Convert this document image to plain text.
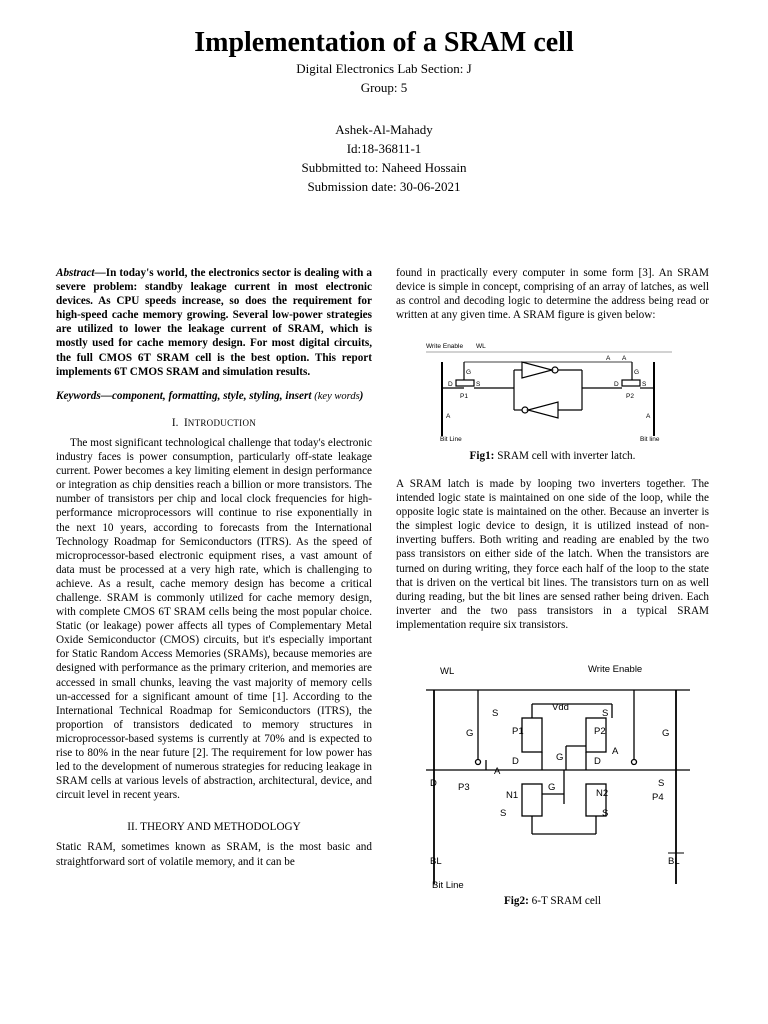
Implementation of a SRAM cell
Digital Electronics Lab Section: J
Group: 5
Ashek-Al-Mahady
Id:18-36811-1
Subbmitted to: Naheed Hossain
Submission date: 30-06-2021

Abstract—In today's world, the electronics sector is dealing with a severe problem: standby leakage current in most electronic devices. As CPU speeds increase, so does the requirement for high-speed cache memory growing. Several low-power strategies are utilized to lower the leakage current of SRAM, which is mostly used for cache memory design. For most digital circuits, the full CMOS 6T SRAM cell is the best option. This report implements 6T CMOS SRAM and simulation results.

Keywords—component, formatting, style, styling, insert (key words)

I. INTRODUCTION

The most significant technological challenge that today's electronic industry faces is power consumption, particularly off-state leakage current. Power becomes a key limiting element in design performance or integration as chip densities reach a billion or more transistors. The number of transistors per chip and local clock frequencies for high-performance microprocessors will continue to rise exponentially in the next 10 years, according to forecasts from the International Technology Roadmap for Semiconductors (ITRS). As the speed of microprocessor-based electronic equipment rises, a vast amount of data must be processed at a very high rate, which is challenging to achieve. As a result, cache memory design has become a critical challenge. SRAM is commonly utilized for cache memory design, with complete CMOS 6T SRAM cells being the most popular choice. Static (or leakage) power affects all types of Complementary Metal Oxide Semiconductor (CMOS) circuits, but it's especially important for Static Random Access Memories (SRAMs), because memories are designed with performance as the primary criterion, and memories are accessed in small chunks, leaving the vast majority of memory cells un-accessed for a significant amount of time [1]. According to the International Technical Roadmap for Semiconductors (ITRS), the proportion of transistors dedicated to memory structures in microprocessor-based systems is currently at 70% and is expected to rise to 80% in the near future [2]. The requirement for low power has led to the development of numerous strategies for reducing leakage in SRAM cells at various levels of abstraction, architectural, device, and circuit level in recent years.

II. THEORY AND METHODOLOGY

Static RAM, sometimes known as SRAM, is the most basic and straightforward sort of volatile memory, and it can be

found in practically every computer in some form [3]. An SRAM device is simple in concept, comprising of an array of latches, as well as control and decoding logic to determine the address being read or written at any given time. A SRAM figure is given below:

Write Enable WL
G
D	S
P1
A
A A
G
D	S
P2
A
Bit Line	Bit line
Fig1: SRAM cell with inverter latch.

A SRAM latch is made by looping two inverters together. The intended logic state is maintained on one side of the loop, while the opposite logic state is maintained on the other. Because an inverter is the simplest logic device to design, it is utilized instead of non-inverting buffers. Both writing and reading are enabled by the two pass transistors on either side of the latch. When the transistors are turned on during writing, they force each half of the loop to the state that is driven on the vertical bit lines. The transistors turn on as well during reading, but the bit lines are sensed rather being driven. Each inverter and the two pass transistors in a typical SRAM implementation require six transistors.

WL	Write Enable
Vdd
P1	P2
P3
P4
N1	N2
A
A
S	S
G	G
D
D	D
S
G
G
S	S
BL	BL
Bit Line
Fig2: 6-T SRAM cell
